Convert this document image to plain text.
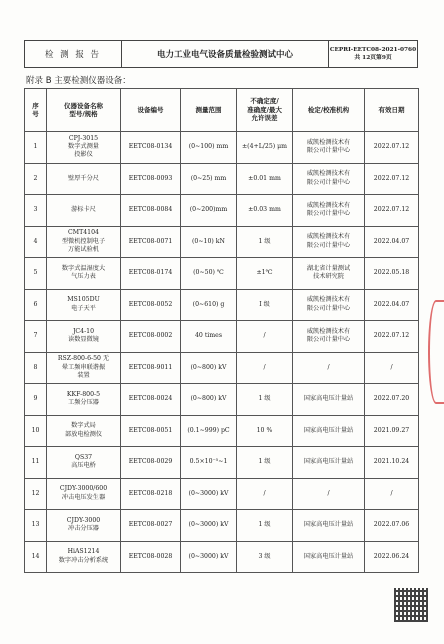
检 测 报 告	电力工业电气设备质量检验测试中心	CEPRI-EETC08-2021-0760
共 12页第9页
附录 B 主要检测仪器设备：
序
号	仪器设备名称
型号/规格	设备编号	测量范围	不确定度/
准确度/最大
允许误差	检定/校准机构	有效日期
1	CPJ-3015
数字式测量
投影仪	EETC08-0134	(0~100) mm	±(4+L/25) μm	威凯检测技术有
限公司计量中心	2022.07.12
2	壁厚千分尺	EETC08-0093	(0~25) mm	±0.01 mm	威凯检测技术有
限公司计量中心	2022.07.12
3	游标卡尺	EETC08-0084	(0~200)mm	±0.03 mm	威凯检测技术有
限公司计量中心	2022.07.12
4	CMT4104
型微机控制电子
万能试验机	EETC08-0071	(0~10) kN	1 级	威凯检测技术有
限公司计量中心	2022.04.07
5	数字式温湿度大
气压力表	EETC08-0174	(0~50) ℃	±1℃	湖北省计量测试
技术研究院	2022.05.18
6	MS105DU
电子天平	EETC08-0052	(0~610) g	Ⅰ 级	威凯检测技术有
限公司计量中心	2022.04.07
7	JC4-10
读数显微镜	EETC08-0002	40 times	/	威凯检测技术有
限公司计量中心	2022.07.12
8	RSZ-800-6-50 无
晕工频串联谐振
装置	EETC08-9011	(0~800) kV	/	/	/
9	KKF-800-5
工频分压器	EETC08-0024	(0~800) kV	1 级	国家高电压计量站	2022.07.20
10	数字式局
部放电检测仪	EETC08-0051	(0.1~999) pC	10 %	国家高电压计量站	2021.09.27
11	QS37
高压电桥	EETC08-0029	0.5×10⁻⁵~1	1 级	国家高电压计量站	2021.10.24
12	CJDY-3000/600
冲击电压发生器	EETC08-0218	(0~3000) kV	/	/	/
13	CJDY-3000
冲击分压器	EETC08-0027	(0~3000) kV	1 级	国家高电压计量站	2022.07.06
14	HiAS1214
数字冲击分析系统	EETC08-0028	(0~3000) kV	3 级	国家高电压计量站	2022.06.24
